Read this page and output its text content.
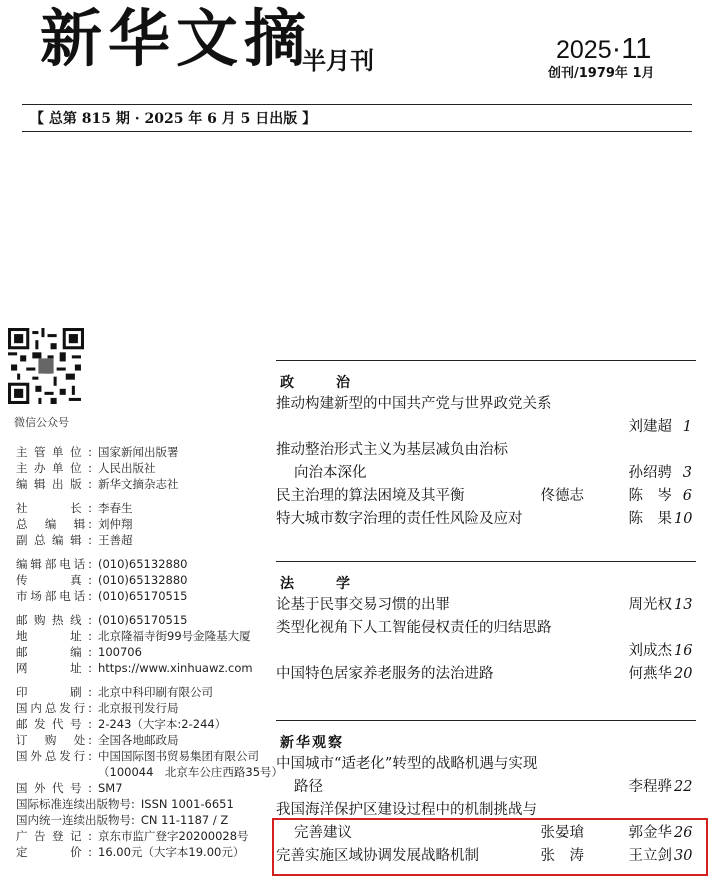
新华文摘
半月刊	2025·11
创刊/1979年 1月
【 总第 815 期 · 2025 年 6 月 5 日出版 】
微信公众号
主管单位: 国家新闻出版署
主办单位: 人民出版社
编辑出版: 新华文摘杂志社
社　　长: 李春生
总　编　辑: 刘仲翔
副总编辑: 王善超
编辑部电话: (010)65132880
传　　真: (010)65132880
市场部电话: (010)65170515
邮购热线: (010)65170515
地　　址: 北京隆福寺街99号金隆基大厦
邮　　编: 100706
网　　址: https://www.xinhuawz.com
印　　刷: 北京中科印刷有限公司
国内总发行: 北京报刊发行局
邮发代号: 2-243（大字本:2-244）
订　购　处: 全国各地邮政局
国外总发行: 中国国际图书贸易集团有限公司
（100044　北京车公庄西路35号）
国外代号: SM7
国际标准连续出版物号: ISSN 1001-6651
国内统一连续出版物号: CN 11-1187 / Z
广告登记: 京东市监广登字20200028号
定　　价: 16.00元（大字本19.00元）
政　治
推动构建新型的中国共产党与世界政党关系
刘建超 1
推动整治形式主义为基层减负由治标
向治本深化	孙绍骋 3
民主治理的算法困境及其平衡	佟德志	陈　岑 6
特大城市数字治理的责任性风险及应对	陈　果 10
法　学
论基于民事交易习惯的出罪	周光权 13
类型化视角下人工智能侵权责任的归结思路
刘成杰 16
中国特色居家养老服务的法治进路	何燕华 20
新华观察
中国城市“适老化”转型的战略机遇与实现
路径	李程骅 22
我国海洋保护区建设过程中的机制挑战与
完善建议	张晏瑲	郭金华 26
完善实施区域协调发展战略机制	张　涛	王立剑 30
